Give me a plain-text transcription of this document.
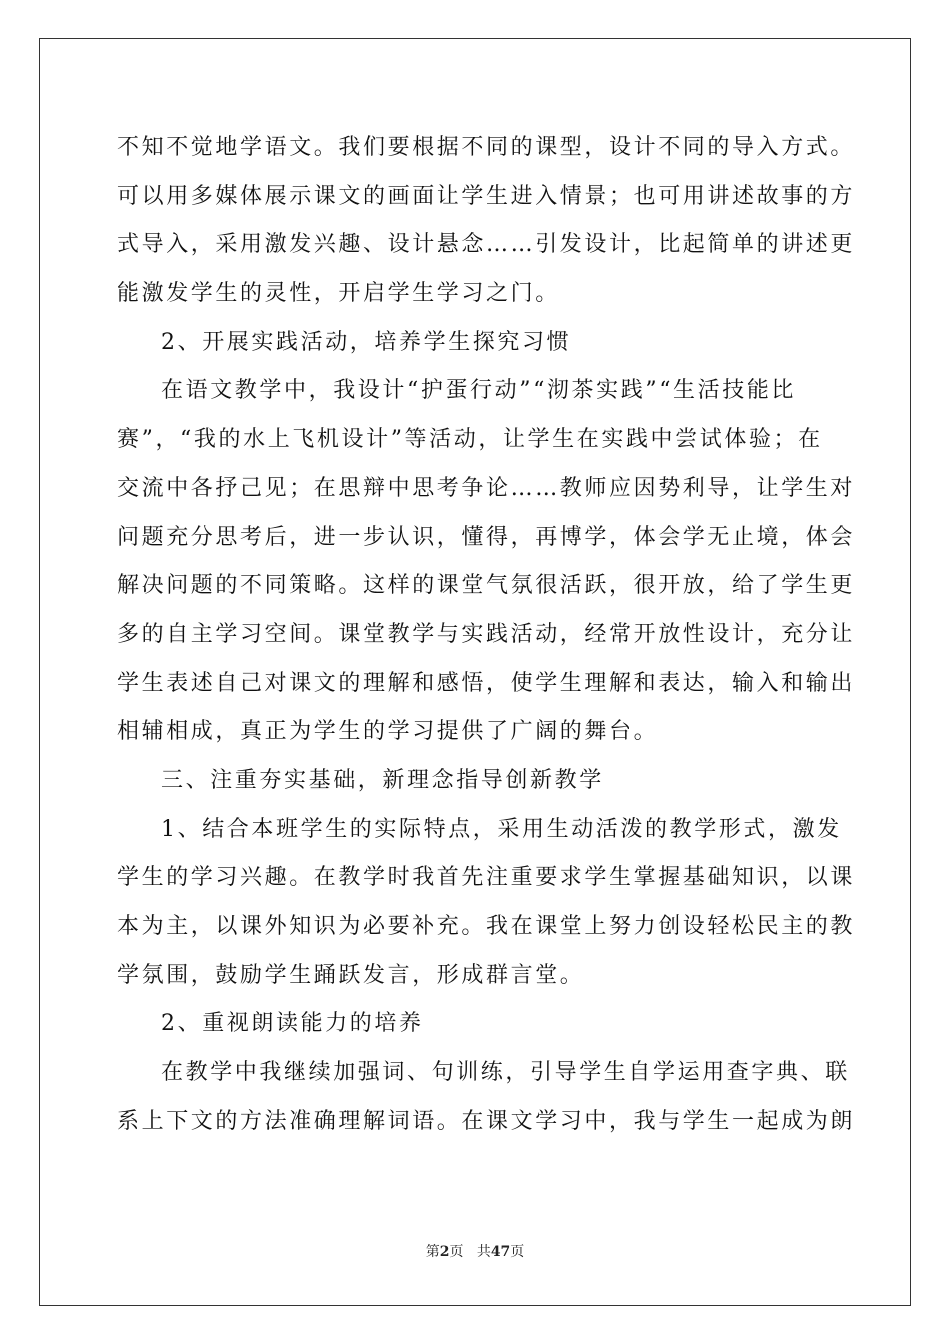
不知不觉地学语文。我们要根据不同的课型，设计不同的导入方式。
可以用多媒体展示课文的画面让学生进入情景；也可用讲述故事的方
式导入，采用激发兴趣、设计悬念……引发设计，比起简单的讲述更
能激发学生的灵性，开启学生学习之门。
2、开展实践活动，培养学生探究习惯
在语文教学中，我设计“护蛋行动”“沏茶实践”“生活技能比
赛”，“我的水上飞机设计”等活动，让学生在实践中尝试体验；在
交流中各抒己见；在思辩中思考争论……教师应因势利导，让学生对
问题充分思考后，进一步认识，懂得，再博学，体会学无止境，体会
解决问题的不同策略。这样的课堂气氛很活跃，很开放，给了学生更
多的自主学习空间。课堂教学与实践活动，经常开放性设计，充分让
学生表述自己对课文的理解和感悟，使学生理解和表达，输入和输出
相辅相成，真正为学生的学习提供了广阔的舞台。
三、注重夯实基础，新理念指导创新教学
1、结合本班学生的实际特点，采用生动活泼的教学形式，激发
学生的学习兴趣。在教学时我首先注重要求学生掌握基础知识，以课
本为主，以课外知识为必要补充。我在课堂上努力创设轻松民主的教
学氛围，鼓励学生踊跃发言，形成群言堂。
2、重视朗读能力的培养
在教学中我继续加强词、句训练，引导学生自学运用查字典、联
系上下文的方法准确理解词语。在课文学习中，我与学生一起成为朗
第2页 共47页
